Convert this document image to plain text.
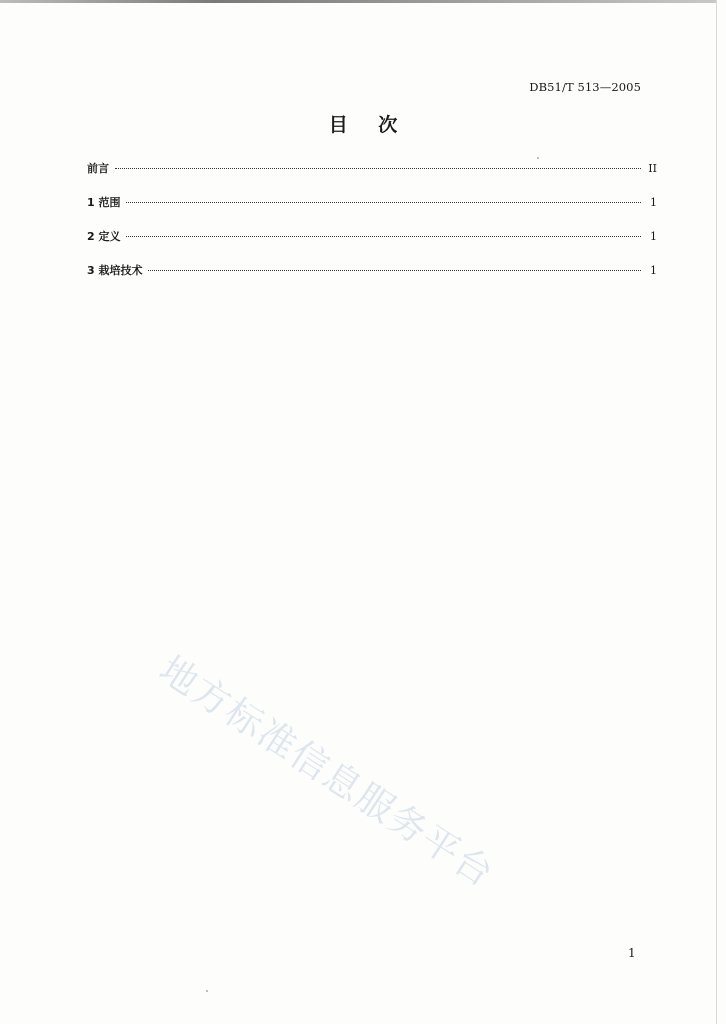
DB51/T 513—2005
目 次
前言	II
1 范围	1
2 定义	1
3 栽培技术	1
地方标准信息服务平台
1
